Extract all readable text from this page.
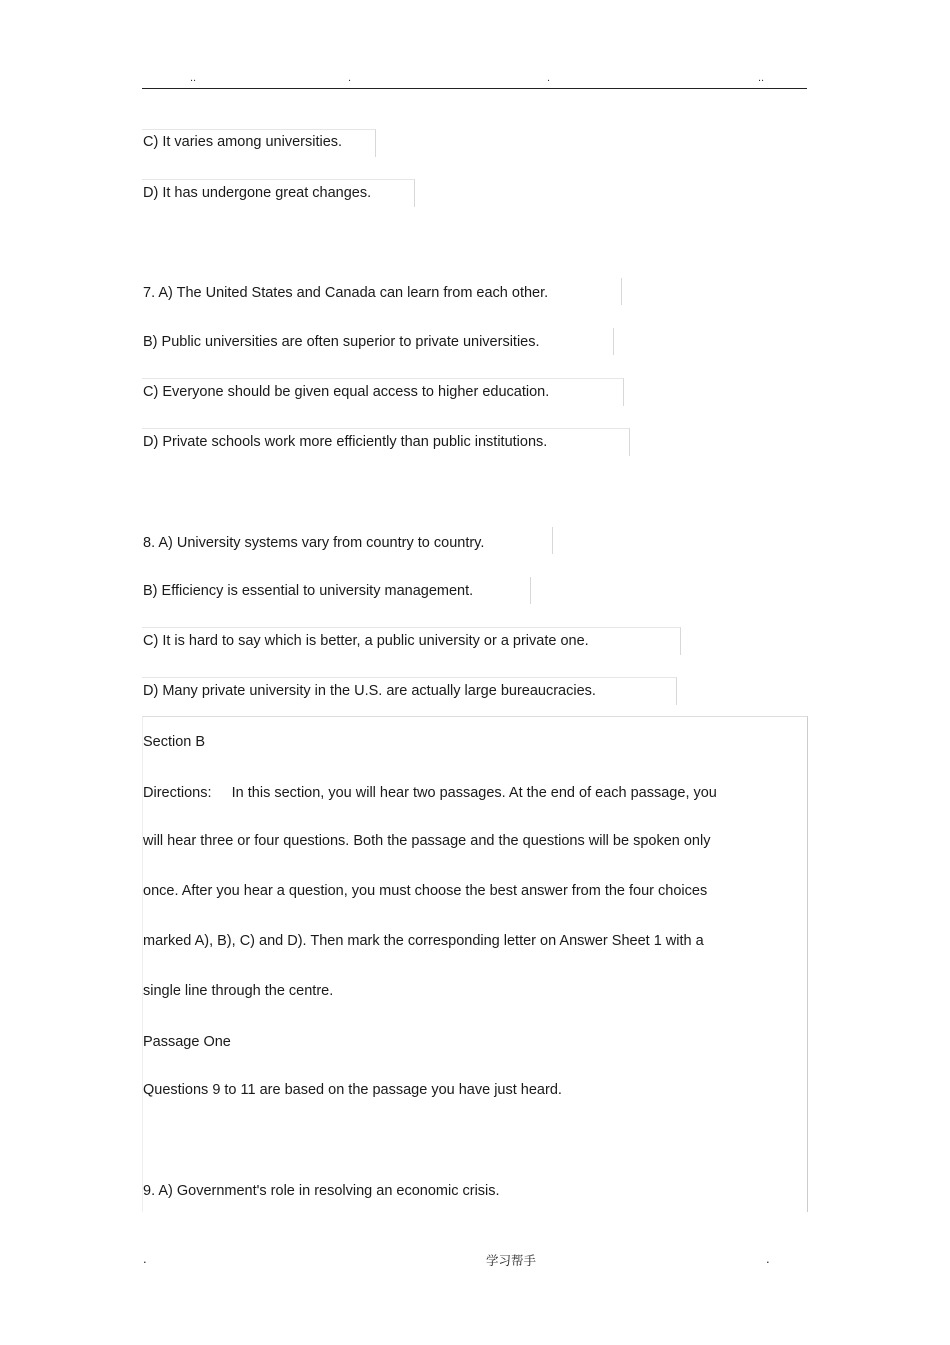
..	.	.	..
C) It varies among universities.
D) It has undergone great changes.
7. A) The United States and Canada can learn from each other.
B) Public universities are often superior to private universities.
C) Everyone should be given equal access to higher education.
D) Private schools work more efficiently than public institutions.
8. A) University systems vary from country to country.
B) Efficiency is essential to university management.
C) It is hard to say which is better, a public university or a private one.
D) Many private university in the U.S. are actually large bureaucracies.
Section B
Directions:     In this section, you will hear two passages. At the end of each passage, you
will hear three or four questions. Both the passage and the questions will be spoken only
once. After you hear a question, you must choose the best answer from the four choices
marked A), B), C) and D). Then mark the corresponding letter on Answer Sheet 1 with a
single line through the centre.
Passage One
Questions 9 to 11 are based on the passage you have just heard.
9. A) Government's role in resolving an economic crisis.
.	学习帮手	.
